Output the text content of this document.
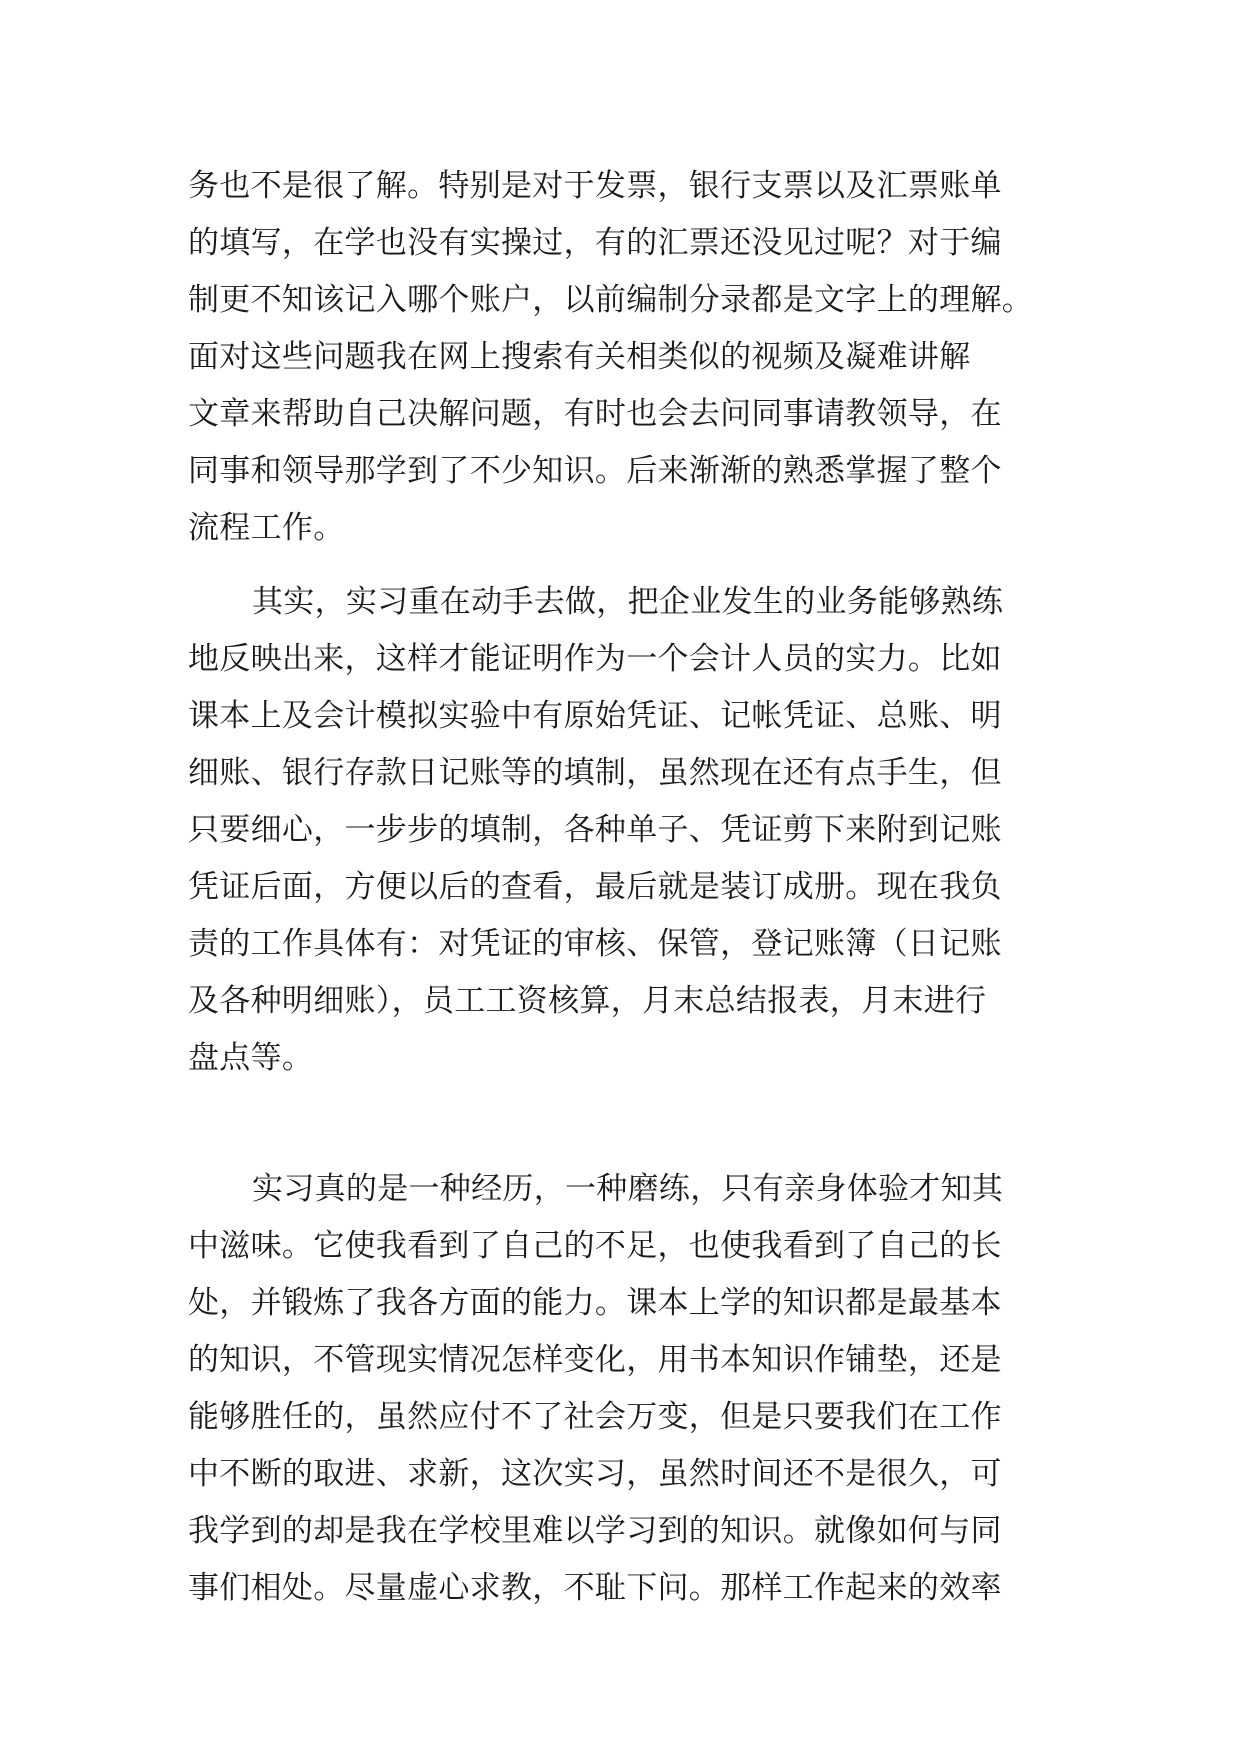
务也不是很了解。特别是对于发票，银行支票以及汇票账单
的填写，在学也没有实操过，有的汇票还没见过呢？对于编
制更不知该记入哪个账户，以前编制分录都是文字上的理解。
面对这些问题我在网上搜索有关相类似的视频及凝难讲解
文章来帮助自己决解问题，有时也会去问同事请教领导，在
同事和领导那学到了不少知识。后来渐渐的熟悉掌握了整个
流程工作。
其实，实习重在动手去做，把企业发生的业务能够熟练
地反映出来，这样才能证明作为一个会计人员的实力。比如
课本上及会计模拟实验中有原始凭证、记帐凭证、总账、明
细账、银行存款日记账等的填制，虽然现在还有点手生，但
只要细心，一步步的填制，各种单子、凭证剪下来附到记账
凭证后面，方便以后的查看，最后就是装订成册。现在我负
责的工作具体有：对凭证的审核、保管，登记账簿（日记账
及各种明细账），员工工资核算，月末总结报表，月末进行
盘点等。
实习真的是一种经历，一种磨练，只有亲身体验才知其
中滋味。它使我看到了自己的不足，也使我看到了自己的长
处，并锻炼了我各方面的能力。课本上学的知识都是最基本
的知识，不管现实情况怎样变化，用书本知识作铺垫，还是
能够胜任的，虽然应付不了社会万变，但是只要我们在工作
中不断的取进、求新，这次实习，虽然时间还不是很久，可
我学到的却是我在学校里难以学习到的知识。就像如何与同
事们相处。尽量虚心求教，不耻下问。那样工作起来的效率
